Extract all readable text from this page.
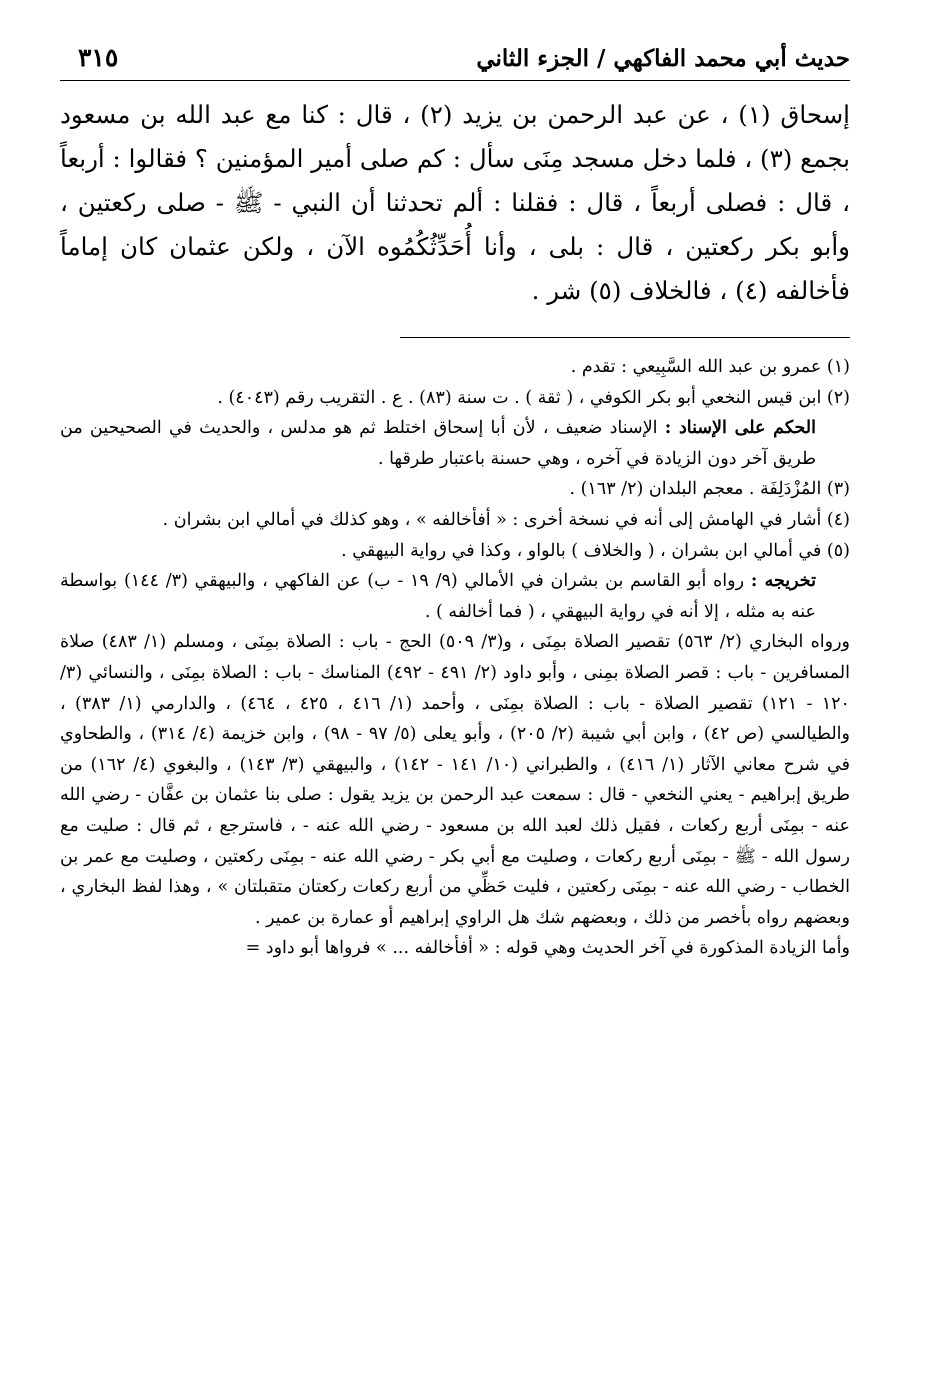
حديث أبي محمد الفاكهي / الجزء الثاني
٣١٥

إسحاق (١) ، عن عبد الرحمن بن يزيد (٢) ، قال : كنا مع عبد الله بن مسعود بجمع (٣) ، فلما دخل مسجد مِنَى سأل : كم صلى أمير المؤمنين ؟ فقالوا : أربعاً ، قال : فصلى أربعاً ، قال : فقلنا : ألم تحدثنا أن النبي - ﷺ - صلى ركعتين ، وأبو بكر ركعتين ، قال : بلى ، وأنا أُحَدِّثُكُمُوه الآن ، ولكن عثمان كان إماماً فأخالفه (٤) ، فالخلاف (٥) شر .

(١) عمرو بن عبد الله السَّبِيعي : تقدم .

(٢) ابن قيس النخعي أبو بكر الكوفي ، ( ثقة ) . ت سنة (٨٣) . ع . التقريب رقم (٤٠٤٣) .

الحكم على الإسناد : الإسناد ضعيف ، لأن أبا إسحاق اختلط ثم هو مدلس ، والحديث في الصحيحين من طريق آخر دون الزيادة في آخره ، وهي حسنة باعتبار طرقها .

(٣) المُزْدَلِفَة . معجم البلدان (٢/ ١٦٣) .

(٤) أشار في الهامش إلى أنه في نسخة أخرى : « أفأخالفه » ، وهو كذلك في أمالي ابن بشران .

(٥) في أمالي ابن بشران ، ( والخلاف ) بالواو ، وكذا في رواية البيهقي .

تخريجه : رواه أبو القاسم بن بشران في الأمالي (٩/ ١٩ - ب) عن الفاكهي ، والبيهقي (٣/ ١٤٤) بواسطة عنه به مثله ، إلا أنه في رواية البيهقي ، ( فما أخالفه ) .

ورواه البخاري (٢/ ٥٦٣) تقصير الصلاة بمِنَى ، و(٣/ ٥٠٩) الحج - باب : الصلاة بمِنَى ، ومسلم (١/ ٤٨٣) صلاة المسافرين - باب : قصر الصلاة بمِنى ، وأبو داود (٢/ ٤٩١ - ٤٩٢) المناسك - باب : الصلاة بمِنَى ، والنسائي (٣/ ١٢٠ - ١٢١) تقصير الصلاة - باب : الصلاة بمِنَى ، وأحمد (١/ ٤١٦ ، ٤٢٥ ، ٤٦٤) ، والدارمي (١/ ٣٨٣) ، والطيالسي (ص ٤٢) ، وابن أبي شيبة (٢/ ٢٠٥) ، وأبو يعلى (٥/ ٩٧ - ٩٨) ، وابن خزيمة (٤/ ٣١٤) ، والطحاوي في شرح معاني الآثار (١/ ٤١٦) ، والطبراني (١٠/ ١٤١ - ١٤٢) ، والبيهقي (٣/ ١٤٣) ، والبغوي (٤/ ١٦٢) من طريق إبراهيم - يعني النخعي - قال : سمعت عبد الرحمن بن يزيد يقول : صلى بنا عثمان بن عفَّان - رضي الله عنه - بمِنَى أربع ركعات ، فقيل ذلك لعبد الله بن مسعود - رضي الله عنه - ، فاسترجع ، ثم قال : صليت مع رسول الله - ﷺ - بمِنَى أربع ركعات ، وصليت مع أبي بكر - رضي الله عنه - بمِنَى ركعتين ، وصليت مع عمر بن الخطاب - رضي الله عنه - بمِنَى ركعتين ، فليت حَظِّي من أربع ركعات ركعتان متقبلتان » ، وهذا لفظ البخاري ، وبعضهم رواه بأخصر من ذلك ، وبعضهم شك هل الراوي إبراهيم أو عمارة بن عمير .

وأما الزيادة المذكورة في آخر الحديث وهي قوله : « أفأخالفه ... » فرواها أبو داود =
